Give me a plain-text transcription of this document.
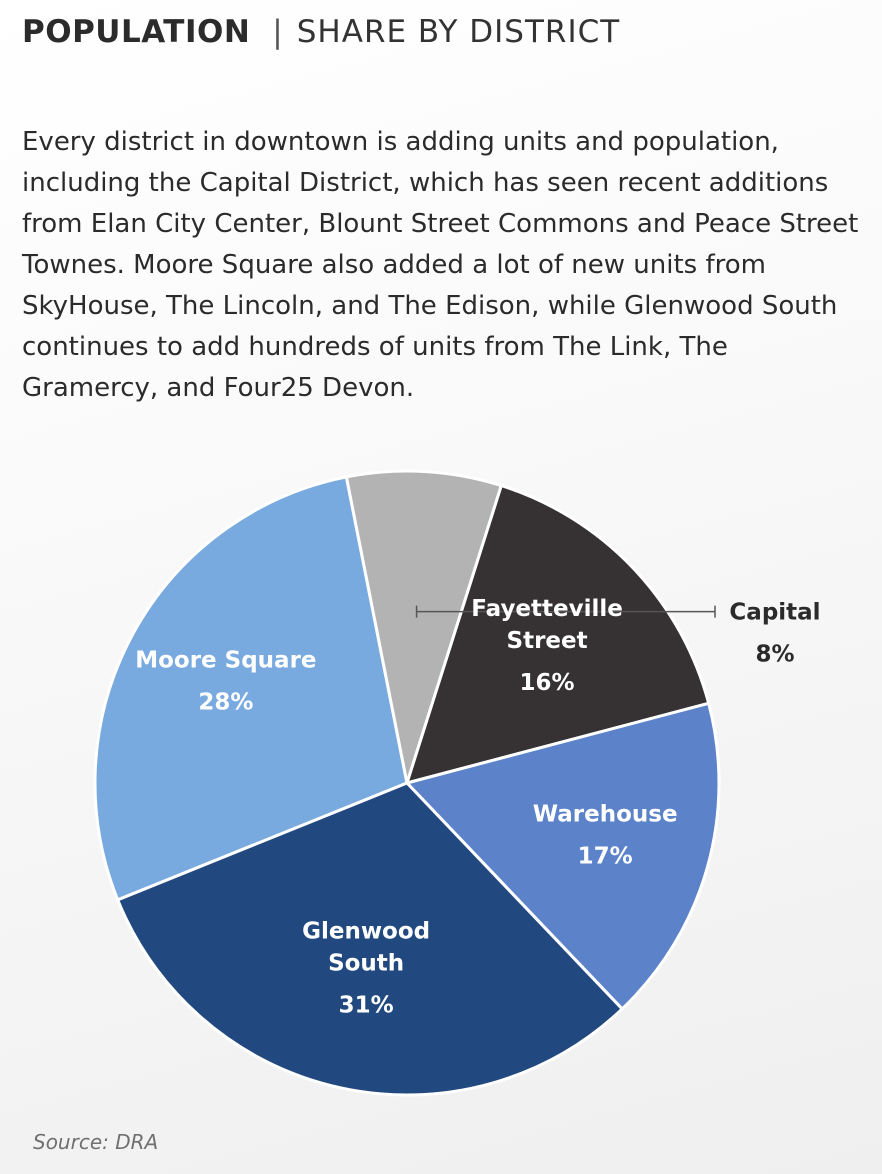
POPULATION | SHARE BY DISTRICT

Every district in downtown is adding units and population, including the Capital District, which has seen recent additions from Elan City Center, Blount Street Commons and Peace Street Townes. Moore Square also added a lot of new units from SkyHouse, The Lincoln, and The Edison, while Glenwood South continues to add hundreds of units from The Link, The Gramercy, and Four25 Devon.

Moore Square
28%
Capital
8%
Fayetteville
Street
16%
Warehouse
17%
Glenwood
South
31%
Source: DRA
